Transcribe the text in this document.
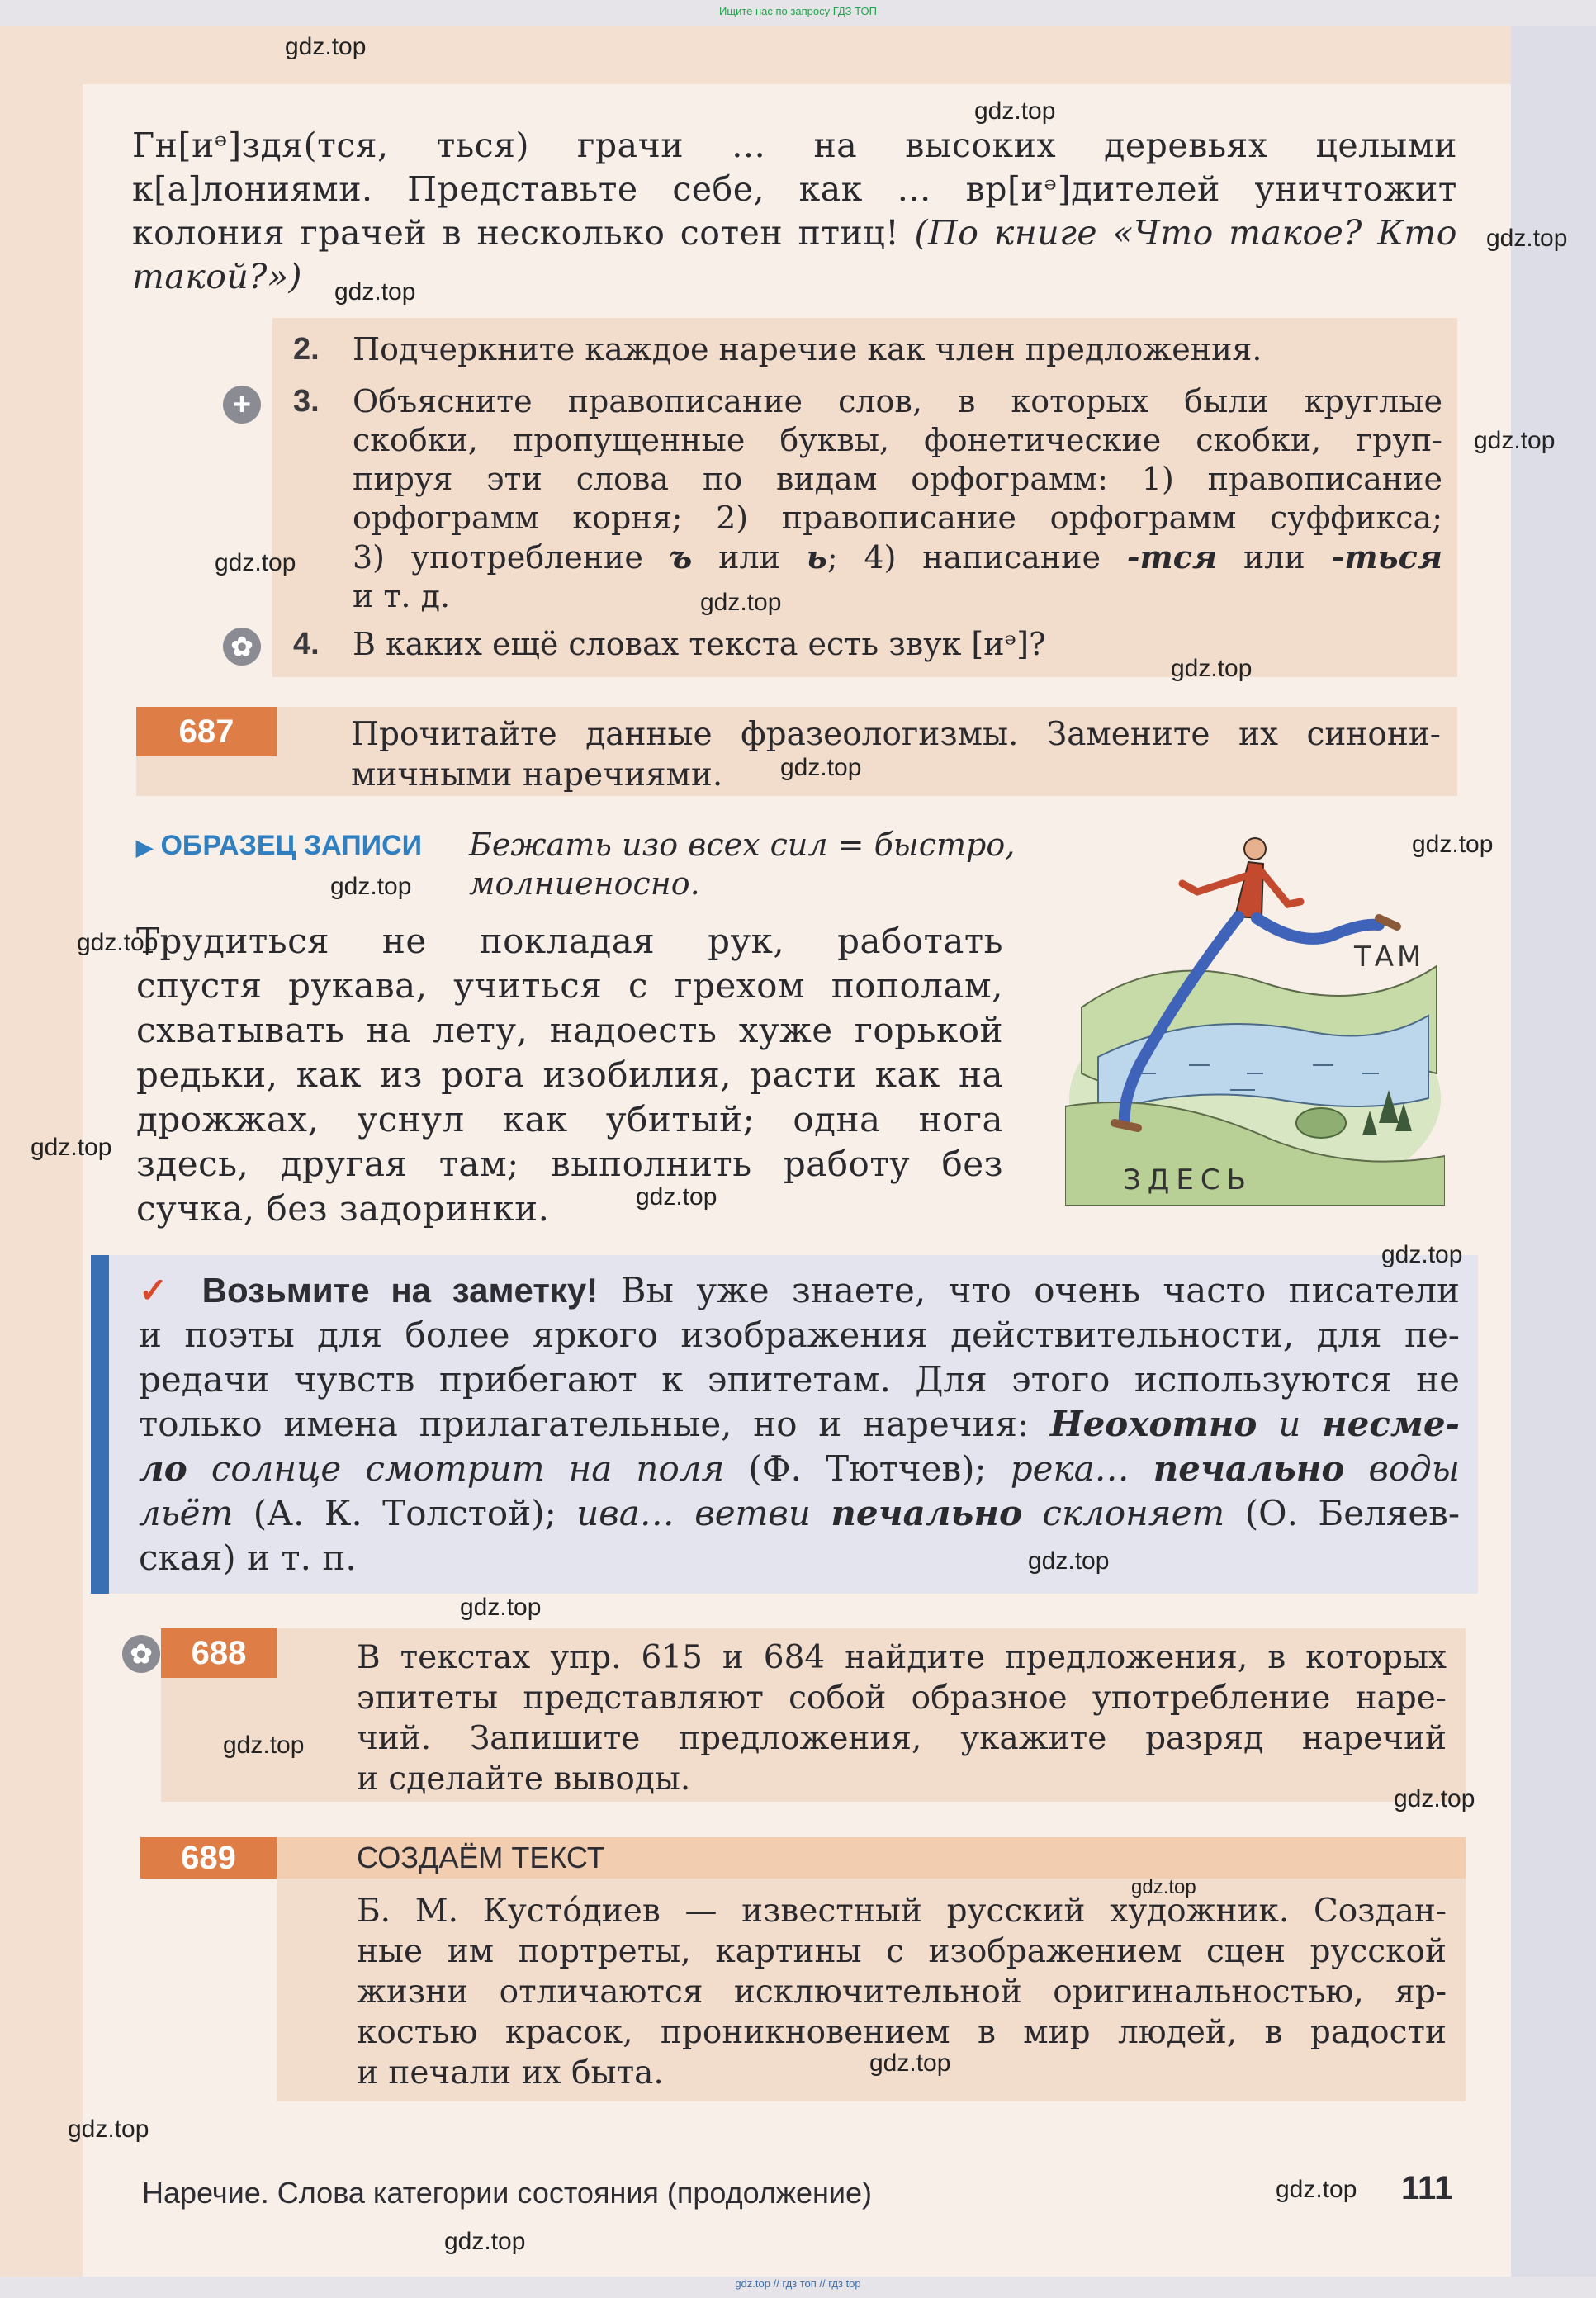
Ищите нас по запросу ГДЗ ТОП
Гн[иᵊ]здя(тся, ться) грачи … на высоких деревьях целыми
к[а]лониями. Представьте себе, как … вр[иᵊ]дителей уничтожит
колония грачей в несколько сотен птиц! (По книге «Что такое? Кто
такой?»)
2. Подчеркните каждое наречие как член предложения.
+	3. Объясните правописание слов, в которых были круглые
скобки, пропущенные буквы, фонетические скобки, груп-
пируя эти слова по видам орфограмм: 1) правописание
орфограмм корня; 2) правописание орфограмм суффикса;
3) употребление ъ или ь; 4) написание -тся или -ться
и т. д.
✿ 4. В каких ещё словах текста есть звук [иᵊ]?
687	Прочитайте данные фразеологизмы. Замените их синони-
мичными наречиями.
▶ ОБРАЗЕЦ ЗАПИСИ Бежать изо всех сил = быстро,
молниеносно.
Трудиться не покладая рук, работать
спустя рукава, учиться с грехом пополам,
схватывать на лету, надоесть хуже горькой
редьки, как из рога изобилия, расти как на
дрожжах, уснул как убитый; одна нога
здесь, другая там; выполнить работу без
сучка, без задоринки.
ТАМ
ЗДЕСЬ
✓ Возьмите на заметку! Вы уже знаете, что очень часто писатели
и поэты для более яркого изображения действительности, для пе-
редачи чувств прибегают к эпитетам. Для этого используются не
только имена прилагательные, но и наречия: Неохотно и несме-
ло солнце смотрит на поля (Ф. Тютчев); река… печально воды
льёт (А. К. Толстой); ива… ветви печально склоняет (О. Беляев-
ская) и т. п.
✿	688	В текстах упр. 615 и 684 найдите предложения, в которых
эпитеты представляют собой образное употребление наре-
чий. Запишите предложения, укажите разряд наречий
и сделайте выводы.
689	СОЗДАЁМ ТЕКСТ
Б. М. Кустóдиев — известный русский художник. Создан-
ные им портреты, картины с изображением сцен русской
жизни отличаются исключительной оригинальностью, яр-
костью красок, проникновением в мир людей, в радости
и печали их быта.
Наречие. Слова категории состояния (продолжение)	111
gdz.top
gdz.top
gdz.top
gdz.top
gdz.top
gdz.top
gdz.top
gdz.top
gdz.top
gdz.top
gdz.top
gdz.top
gdz.top
gdz.top
gdz.top
gdz.top
gdz.top
gdz.top
gdz.top
gdz.top
gdz.top
gdz.top
gdz.top
gdz.top
gdz.top // гдз топ // гдз top
